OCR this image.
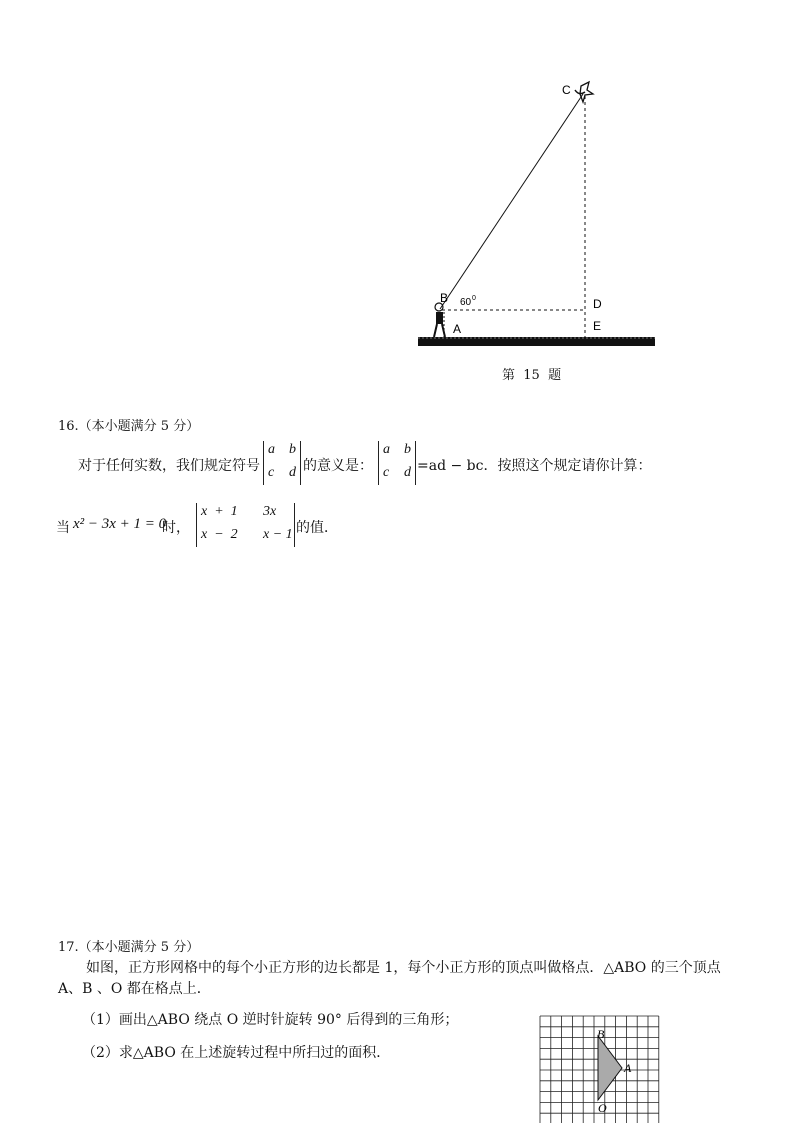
C
B
A
D
E
60 0
第  15  题
16.（本小题满分 5 分）
对于任何实数，我们规定符号
a b
c d 的意义是：
a b
c d =ad − bc．按照这个规定请你计算：
当 x² − 3x + 1 = 0
时，
x  +  1 3x
x  −  2 x − 1 的值．
17.（本小题满分 5 分）
如图，正方形网格中的每个小正方形的边长都是 1，每个小正方形的顶点叫做格点．△ABO 的三个顶点
A、B 、O 都在格点上．
（1）画出△ABO 绕点 O 逆时针旋转 90° 后得到的三角形；
（2）求△ABO 在上述旋转过程中所扫过的面积．
B
A
O
